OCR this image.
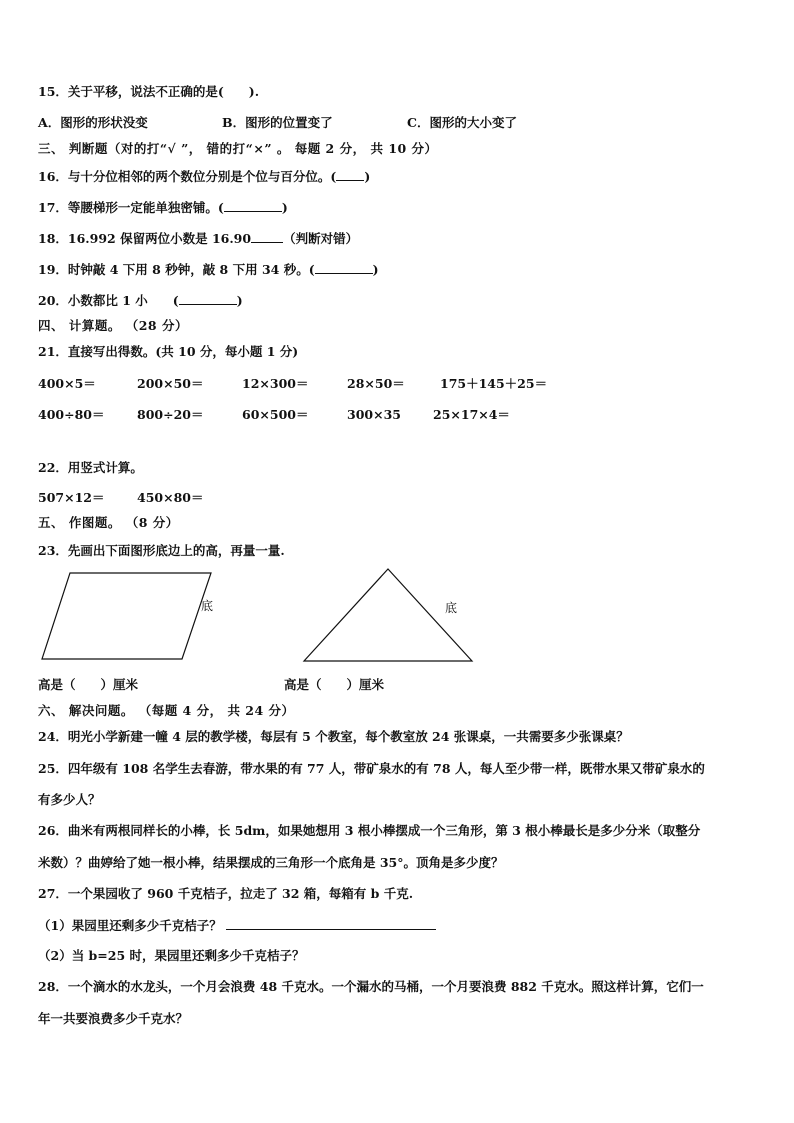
15．关于平移，说法不正确的是(　　).
A．图形的形状没变	B．图形的位置变了	C．图形的大小变了
三、 判断题（对的打“√ ”， 错的打“×” 。 每题 2 分， 共 10 分）
16．与十分位相邻的两个数位分别是个位与百分位。( )
17．等腰梯形一定能单独密铺。(	)
18．16.992 保留两位小数是 16.90	（判断对错）
19．时钟敲 4 下用 8 秒钟，敲 8 下用 34 秒。(	)
20．小数都比 1 小　　(	)
四、 计算题。 （28 分）
21．直接写出得数。(共 10 分，每小题 1 分)
400×5＝	200×50＝	12×300＝	28×50＝	175＋145＋25＝
400÷80＝	800÷20＝	60×500＝	300×35	25×17×4＝
22．用竖式计算。
507×12＝	450×80＝
五、 作图题。 （8 分）
23．先画出下面图形底边上的高，再量一量.
底	底
高是（　　）厘米	高是（　　）厘米
六、 解决问题。 （每题 4 分， 共 24 分）
24．明光小学新建一幢 4 层的教学楼，每层有 5 个教室，每个教室放 24 张课桌，一共需要多少张课桌？
25．四年级有 108 名学生去春游，带水果的有 77 人，带矿泉水的有 78 人，每人至少带一样，既带水果又带矿泉水的
有多少人？
26．曲米有两根同样长的小棒，长 5dm，如果她想用 3 根小棒摆成一个三角形，第 3 根小棒最长是多少分米（取整分
米数）？曲婷给了她一根小棒，结果摆成的三角形一个底角是 35°。顶角是多少度？
27．一个果园收了 960 千克桔子，拉走了 32 箱，每箱有 b 千克.
（1）果园里还剩多少千克桔子？
（2）当 b=25 时，果园里还剩多少千克桔子？
28．一个滴水的水龙头，一个月会浪费 48 千克水。一个漏水的马桶，一个月要浪费 882 千克水。照这样计算，它们一
年一共要浪费多少千克水？
